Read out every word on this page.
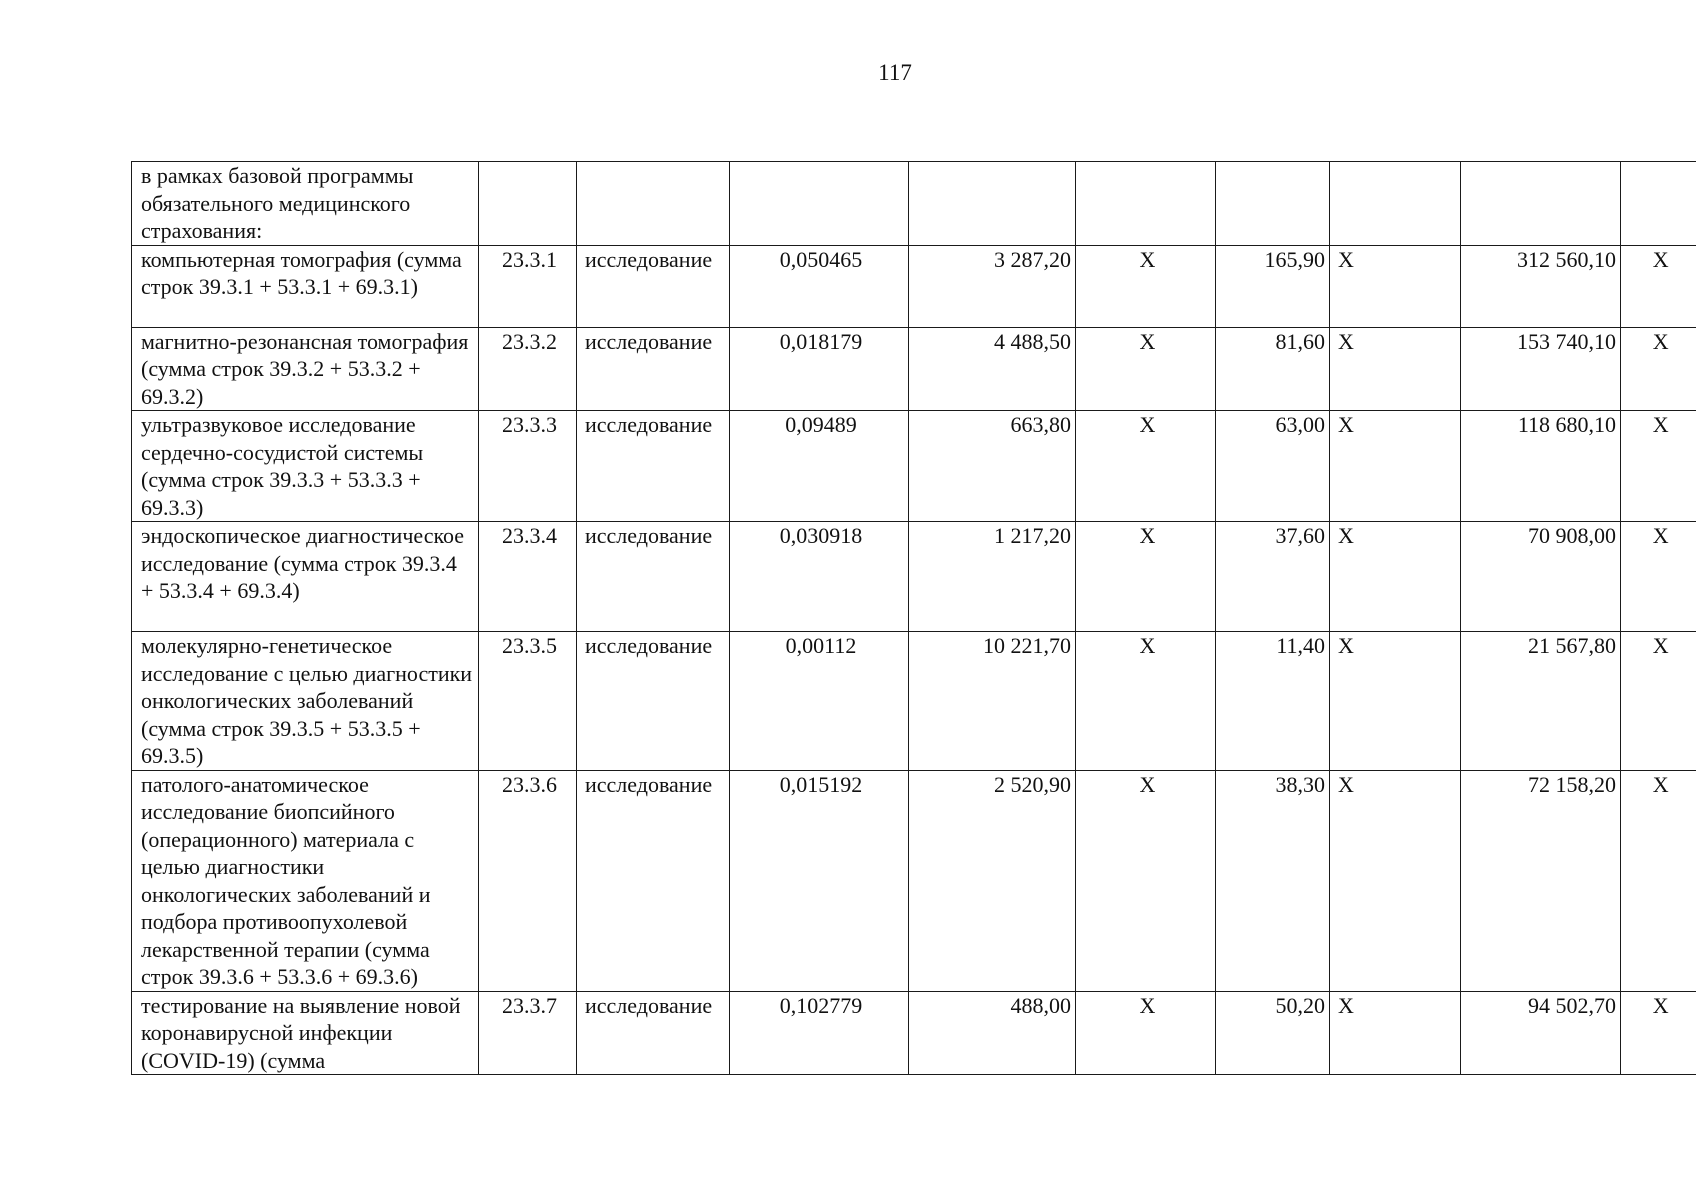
117
в рамках базовой программы обязательного медицинского страхования:									
компьютерная томография (сумма строк 39.3.1 + 53.3.1 + 69.3.1)	23.3.1	исследование	0,050465	3 287,20	X	165,90	X	312 560,10	X
магнитно-резонансная томография (сумма строк 39.3.2 + 53.3.2 + 69.3.2)	23.3.2	исследование	0,018179	4 488,50	X	81,60	X	153 740,10	X
ультразвуковое исследование сердечно-сосудистой системы (сумма строк 39.3.3 + 53.3.3 + 69.3.3)	23.3.3	исследование	0,09489	663,80	X	63,00	X	118 680,10	X
эндоскопическое диагностическое исследование (сумма строк 39.3.4 + 53.3.4 + 69.3.4)	23.3.4	исследование	0,030918	1 217,20	X	37,60	X	70 908,00	X
молекулярно-генетическое исследование с целью диагностики онкологических заболеваний (сумма строк 39.3.5 + 53.3.5 + 69.3.5)	23.3.5	исследование	0,00112	10 221,70	X	11,40	X	21 567,80	X
патолого-анатомическое исследование биопсийного (операционного) материала с целью диагностики онкологических заболеваний и подбора противоопухолевой лекарственной терапии (сумма строк 39.3.6 + 53.3.6 + 69.3.6)	23.3.6	исследование	0,015192	2 520,90	X	38,30	X	72 158,20	X
тестирование на выявление новой коронавирусной инфекции (COVID-19) (сумма	23.3.7	исследование	0,102779	488,00	X	50,20	X	94 502,70	X
